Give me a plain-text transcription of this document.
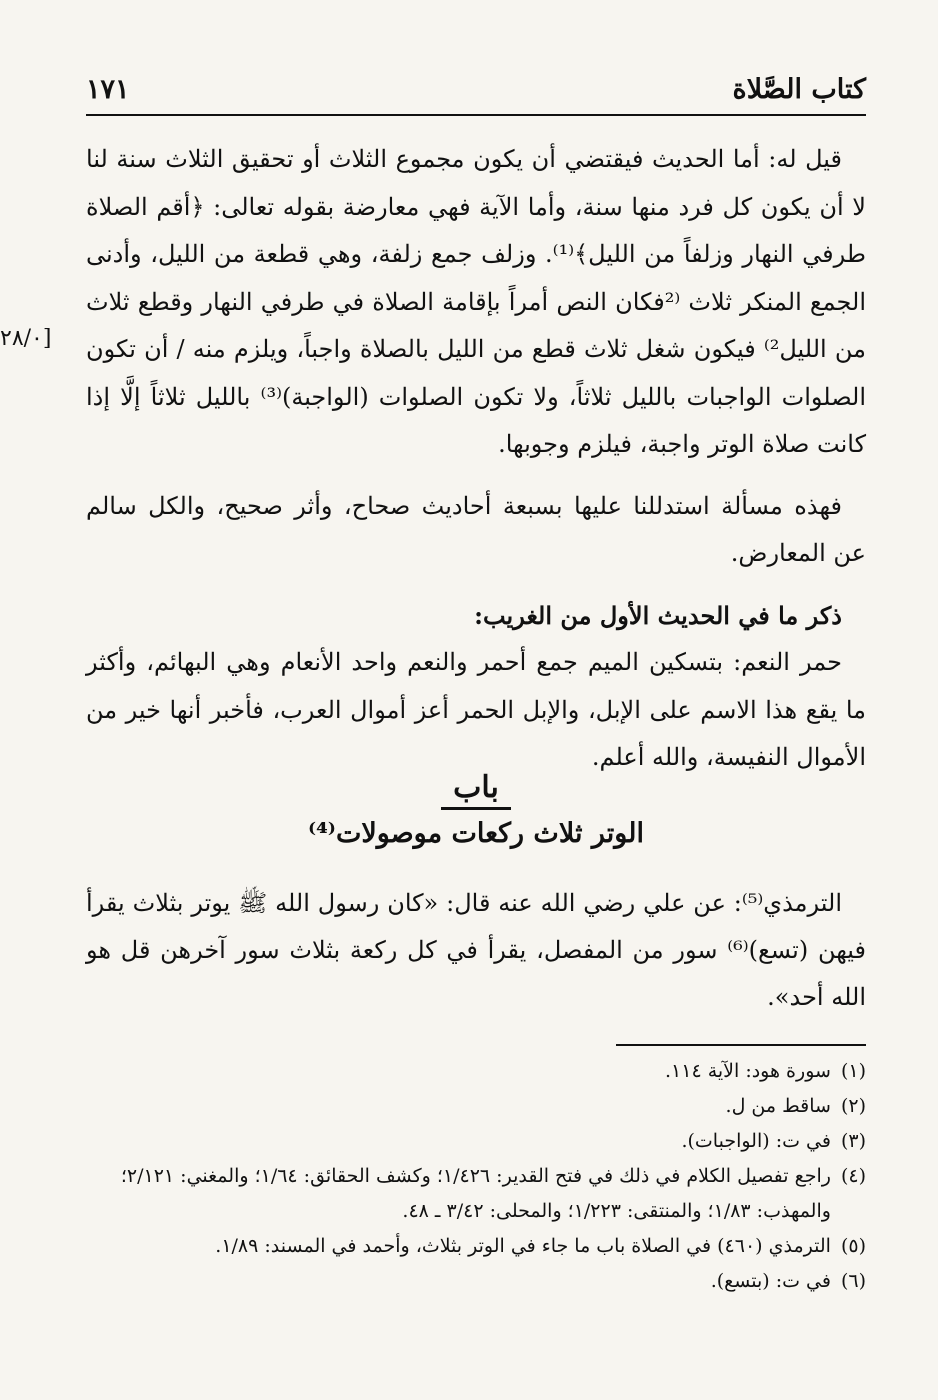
كتاب الصَّلاة
١٧١
[٢٨/٠

قيل له: أما الحديث فيقتضي أن يكون مجموع الثلاث أو تحقيق الثلاث سنة لنا لا أن يكون كل فرد منها سنة، وأما الآية فهي معارضة بقوله تعالى: ﴿أقم الصلاة طرفي النهار وزلفاً من الليل﴾⁽¹⁾. وزلف جمع زلفة، وهي قطعة من الليل، وأدنى الجمع المنكر ثلاث ⁽²فكان النص أمراً بإقامة الصلاة في طرفي النهار وقطع ثلاث من الليل²⁾ فيكون شغل ثلاث قطع من الليل بالصلاة واجباً، ويلزم منه / أن تكون الصلوات الواجبات بالليل ثلاثاً، ولا تكون الصلوات (الواجبة)⁽³⁾ بالليل ثلاثاً إلَّا إذا كانت صلاة الوتر واجبة، فيلزم وجوبها.

فهذه مسألة استدللنا عليها بسبعة أحاديث صحاح، وأثر صحيح، والكل سالم عن المعارض.

ذكر ما في الحديث الأول من الغريب:

حمر النعم: بتسكين الميم جمع أحمر والنعم واحد الأنعام وهي البهائم، وأكثر ما يقع هذا الاسم على الإبل، والإبل الحمر أعز أموال العرب، فأخبر أنها خير من الأموال النفيسة، والله أعلم.

باب
الوتر ثلاث ركعات موصولات⁽⁴⁾

الترمذي⁽⁵⁾: عن علي رضي الله عنه قال: «كان رسول الله ﷺ يوتر بثلاث يقرأ فيهن (تسع)⁽⁶⁾ سور من المفصل، يقرأ في كل ركعة بثلاث سور آخرهن قل هو الله أحد».

(١)
سورة هود: الآية ١١٤.
(٢)
ساقط من ل.
(٣)
في ت: (الواجبات).
(٤)
راجع تفصيل الكلام في ذلك في فتح القدير: ١/٤٢٦؛ وكشف الحقائق: ١/٦٤؛ والمغني: ٢/١٢١؛ والمهذب: ١/٨٣؛ والمنتقى: ١/٢٢٣؛ والمحلى: ٣/٤٢ ـ ٤٨.
(٥)
الترمذي (٤٦٠) في الصلاة باب ما جاء في الوتر بثلاث، وأحمد في المسند: ١/٨٩.
(٦)
في ت: (بتسع).
